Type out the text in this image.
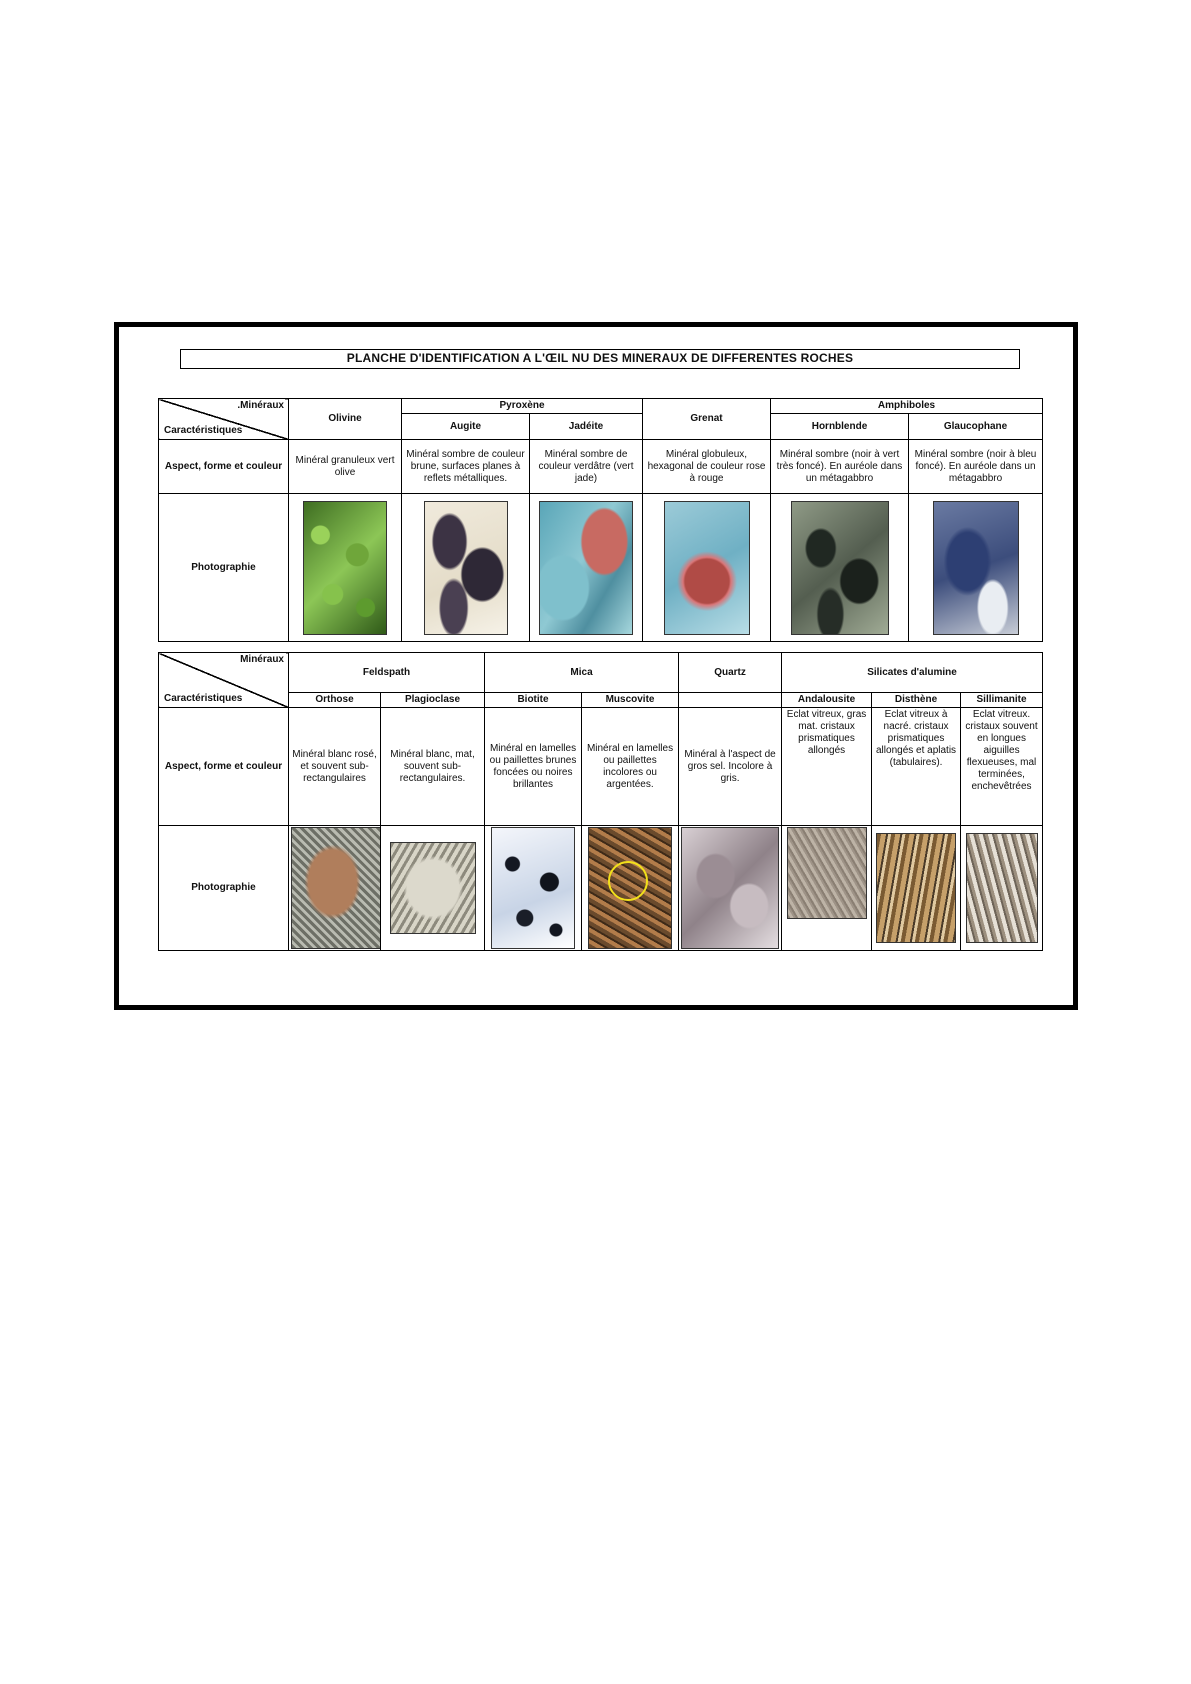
PLANCHE D'IDENTIFICATION A L'ŒIL NU DES MINERAUX DE DIFFERENTES ROCHES
.Minéraux
Caractéristiques	Olivine	Pyroxène		Grenat	Amphiboles	
		Augite	Jadéite		Hornblende	Glaucophane
Aspect, forme et couleur	Minéral granuleux vert olive	Minéral sombre de couleur brune, surfaces planes à reflets métalliques.	Minéral sombre de couleur verdâtre (vert jade)	Minéral globuleux, hexagonal de couleur rose à rouge	Minéral sombre (noir à vert très foncé). En auréole dans un métagabbro	Minéral sombre (noir à bleu foncé). En auréole dans un métagabbro
Photographie	

Minéraux
Caractéristiques	Feldspath		Mica		Quartz	Silicates d'alumine		
	Orthose	Plagioclase	Biotite	Muscovite		Andalousite	Disthène	Sillimanite
Aspect, forme et couleur	Minéral blanc rosé, et souvent sub-rectangulaires	Minéral blanc, mat, souvent sub-rectangulaires.	Minéral en lamelles ou paillettes brunes foncées ou noires brillantes	Minéral en lamelles ou paillettes incolores ou argentées.	Minéral à l'aspect de gros sel. Incolore à gris.	Eclat vitreux, gras mat. cristaux prismatiques allongés	Eclat vitreux à nacré. cristaux prismatiques allongés et aplatis (tabulaires).	Eclat vitreux. cristaux souvent en longues aiguilles flexueuses, mal terminées, enchevêtrées
Photographie	
